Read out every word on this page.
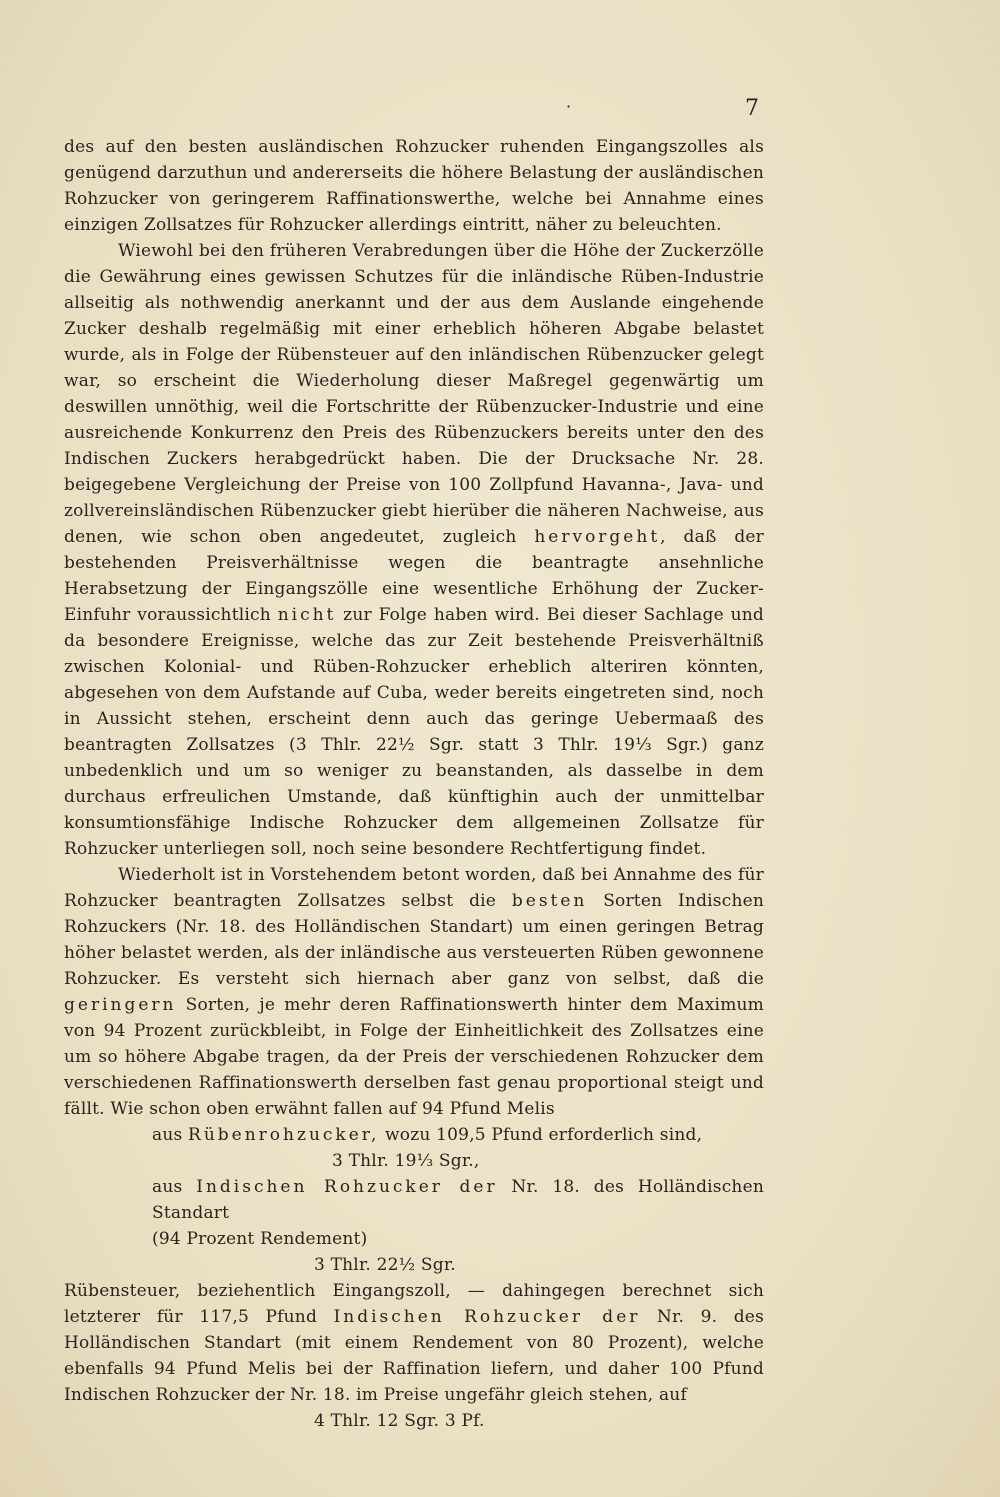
·	7

des auf den besten ausländischen Rohzucker ruhenden Eingangszolles als genügend darzuthun und andererseits die höhere Belastung der ausländischen Rohzucker von geringerem Raffinationswerthe, welche bei Annahme eines einzigen Zollsatzes für Rohzucker allerdings eintritt, näher zu beleuchten.

Wiewohl bei den früheren Verabredungen über die Höhe der Zuckerzölle die Gewährung eines gewissen Schutzes für die inländische Rüben-Industrie allseitig als nothwendig anerkannt und der aus dem Auslande eingehende Zucker deshalb regelmäßig mit einer erheblich höheren Abgabe belastet wurde, als in Folge der Rübensteuer auf den inländischen Rübenzucker gelegt war, so erscheint die Wiederholung dieser Maßregel gegenwärtig um deswillen unnöthig, weil die Fortschritte der Rübenzucker-Industrie und eine ausreichende Konkurrenz den Preis des Rübenzuckers bereits unter den des Indischen Zuckers herabgedrückt haben. Die der Drucksache Nr. 28. beigegebene Vergleichung der Preise von 100 Zollpfund Havanna-, Java- und zollvereinsländischen Rübenzucker giebt hierüber die näheren Nachweise, aus denen, wie schon oben angedeutet, zugleich hervorgeht, daß der bestehenden Preisverhältnisse wegen die beantragte ansehnliche Herabsetzung der Eingangszölle eine wesentliche Erhöhung der Zucker-Einfuhr voraussichtlich nicht zur Folge haben wird. Bei dieser Sachlage und da besondere Ereignisse, welche das zur Zeit bestehende Preisverhältniß zwischen Kolonial- und Rüben-Rohzucker erheblich alteriren könnten, abgesehen von dem Aufstande auf Cuba, weder bereits eingetreten sind, noch in Aussicht stehen, erscheint denn auch das geringe Uebermaaß des beantragten Zollsatzes (3 Thlr. 22½ Sgr. statt 3 Thlr. 19⅓ Sgr.) ganz unbedenklich und um so weniger zu beanstanden, als dasselbe in dem durchaus erfreulichen Umstande, daß künftighin auch der unmittelbar konsumtionsfähige Indische Rohzucker dem allgemeinen Zollsatze für Rohzucker unterliegen soll, noch seine besondere Rechtfertigung findet.

Wiederholt ist in Vorstehendem betont worden, daß bei Annahme des für Rohzucker beantragten Zollsatzes selbst die besten Sorten Indischen Rohzuckers (Nr. 18. des Holländischen Standart) um einen geringen Betrag höher belastet werden, als der inländische aus versteuerten Rüben gewonnene Rohzucker. Es versteht sich hiernach aber ganz von selbst, daß die geringern Sorten, je mehr deren Raffinationswerth hinter dem Maximum von 94 Prozent zurückbleibt, in Folge der Einheitlichkeit des Zollsatzes eine um so höhere Abgabe tragen, da der Preis der verschiedenen Rohzucker dem verschiedenen Raffinationswerth derselben fast genau proportional steigt und fällt. Wie schon oben erwähnt fallen auf 94 Pfund Melis

aus Rübenrohzucker, wozu 109,5 Pfund erforderlich sind,

3 Thlr. 19⅓ Sgr.,

aus Indischen Rohzucker der Nr. 18. des Holländischen Standart

(94 Prozent Rendement)

3 Thlr. 22½ Sgr.

Rübensteuer, beziehentlich Eingangszoll, — dahingegen berechnet sich letzterer für 117,5 Pfund Indischen Rohzucker der Nr. 9. des Holländischen Standart (mit einem Rendement von 80 Prozent), welche ebenfalls 94 Pfund Melis bei der Raffination liefern, und daher 100 Pfund Indischen Rohzucker der Nr. 18. im Preise ungefähr gleich stehen, auf

4 Thlr. 12 Sgr. 3 Pf.
